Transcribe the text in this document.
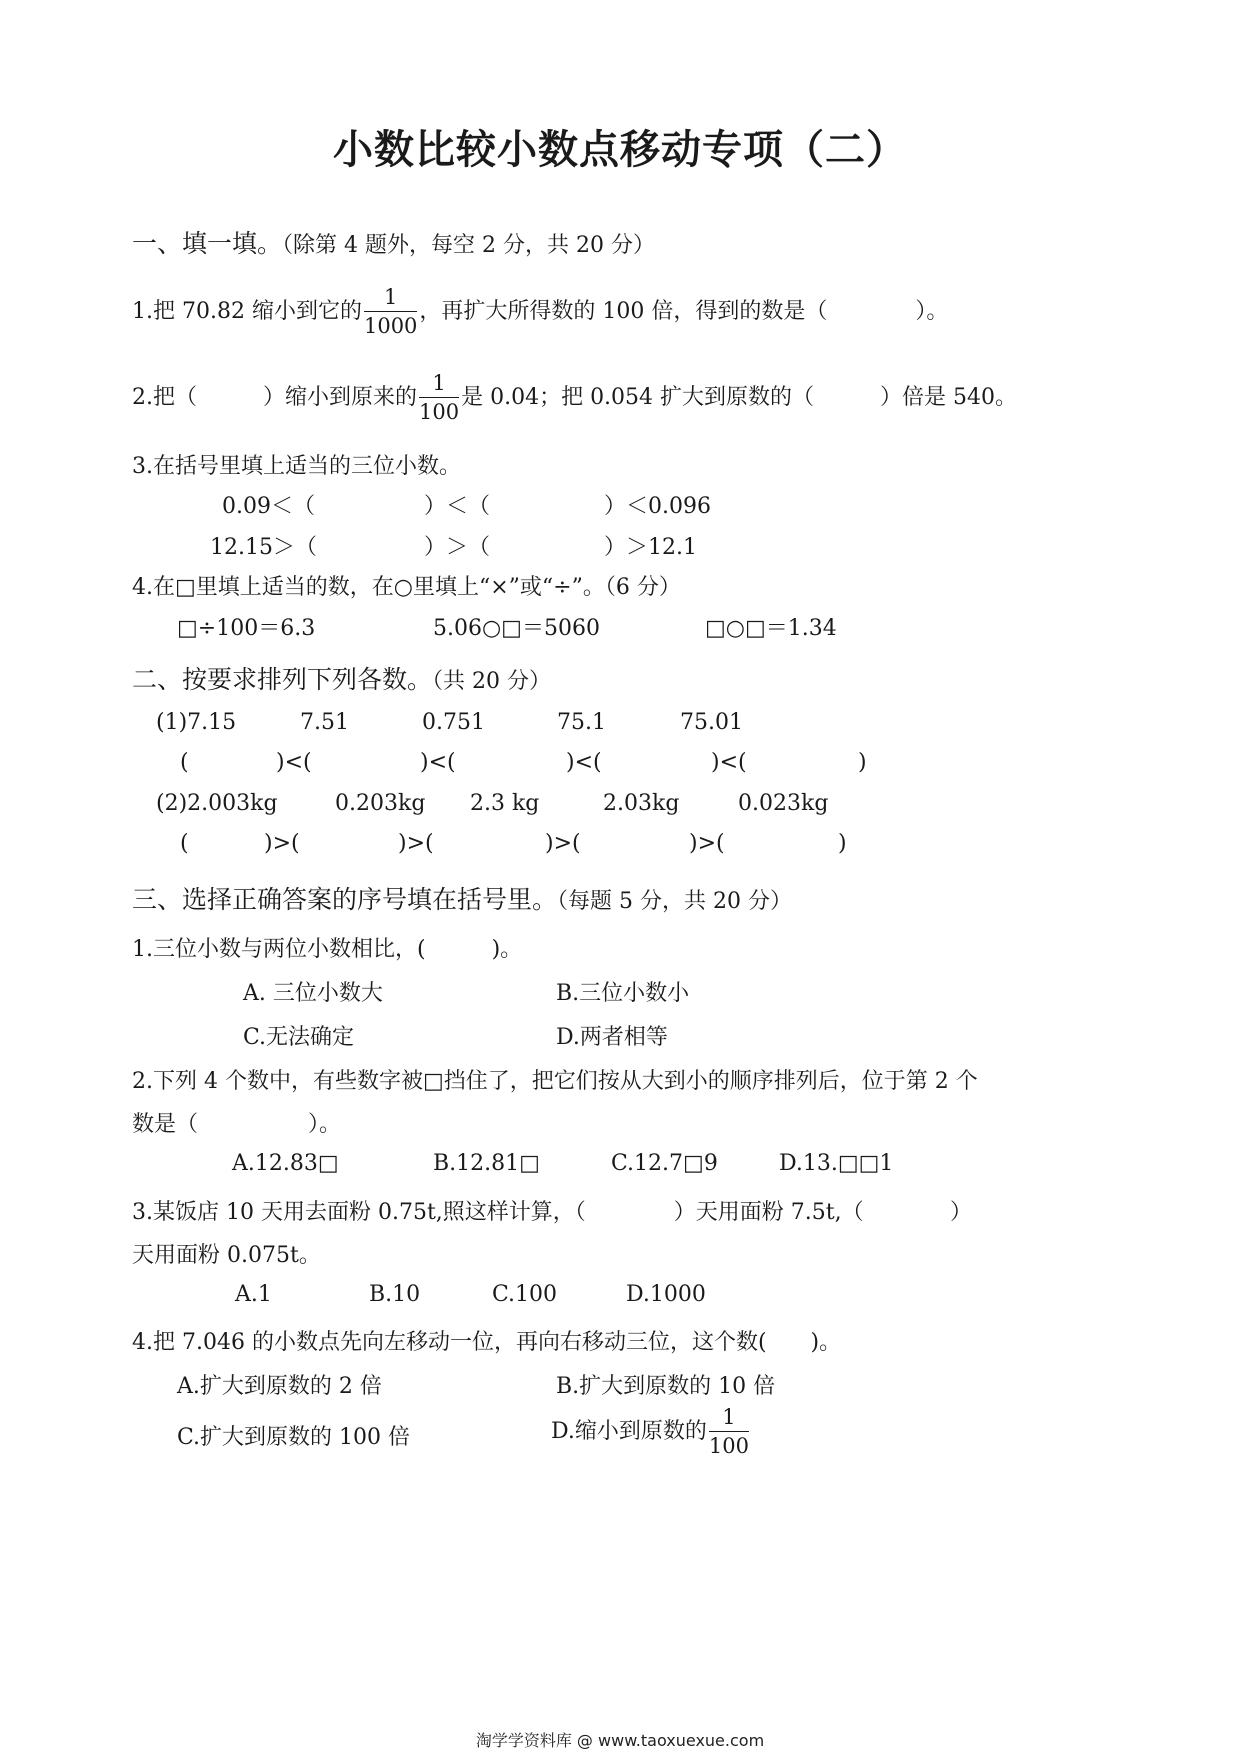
小数比较小数点移动专项（二）
一、填一填。（除第 4 题外，每空 2 分，共 20 分）
1.把 70.82 缩小到它的 $\frac{1}{1000}$ ，再扩大所得数的 100 倍，得到的数是（　　　　）。
2.把（　　　）缩小到原来的 $\frac{1}{100}$ 是 0.04；把 0.054 扩大到原数的（　　　）倍是 540。
3.在括号里填上适当的三位小数。
0.09＜（	）＜（	）＜0.096
12.15＞（	）＞（	）＞12.1
4.在□里填上适当的数，在○里填上“×”或“÷”。（6 分）
□÷100＝6.3	5.06○□＝5060	□○□＝1.34
二、按要求排列下列各数。（共 20 分）
(1)7.15	7.51	0.751	75.1	75.01
(	)<(	)<(	)<(	)<(	)
(2)2.003kg	0.203kg 2.3 kg	2.03kg	0.023kg
(	)>(	)>(	)>(	)>(	)
三、选择正确答案的序号填在括号里。（每题 5 分，共 20 分）
1.三位小数与两位小数相比，(　　　)。
A. 三位小数大	B.三位小数小
C.无法确定	D.两者相等
2.下列 4 个数中，有些数字被□挡住了，把它们按从大到小的顺序排列后，位于第 2 个
数是（　　　　　）。
A.12.83□	B.12.81□	C.12.7□9	D.13.□□1
3.某饭店 10 天用去面粉 0.75t,照这样计算，（　　　　）天用面粉 7.5t,（	）
天用面粉 0.075t。
A.1	B.10	C.100	D.1000
4.把 7.046 的小数点先向左移动一位，再向右移动三位，这个数(　　)。
A.扩大到原数的 2 倍	B.扩大到原数的 10 倍
C.扩大到原数的 100 倍	D.缩小到原数的 $\frac{1}{100}$
淘学学资料库 @ www.taoxuexue.com
